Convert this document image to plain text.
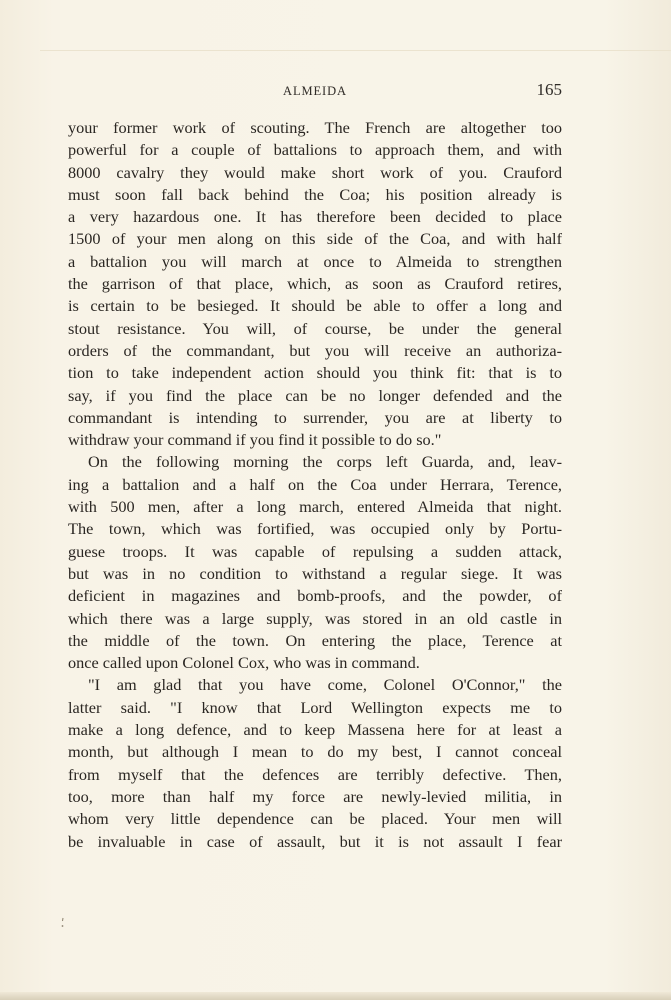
ALMEIDA	165
your former work of scouting. The French are altogether too
powerful for a couple of battalions to approach them, and with
8000 cavalry they would make short work of you. Crauford
must soon fall back behind the Coa; his position already is
a very hazardous one. It has therefore been decided to place
1500 of your men along on this side of the Coa, and with half
a battalion you will march at once to Almeida to strengthen
the garrison of that place, which, as soon as Crauford retires,
is certain to be besieged. It should be able to offer a long and
stout resistance. You will, of course, be under the general
orders of the commandant, but you will receive an authoriza-
tion to take independent action should you think fit: that is to
say, if you find the place can be no longer defended and the
commandant is intending to surrender, you are at liberty to
withdraw your command if you find it possible to do so."
On the following morning the corps left Guarda, and, leav-
ing a battalion and a half on the Coa under Herrara, Terence,
with 500 men, after a long march, entered Almeida that night.
The town, which was fortified, was occupied only by Portu-
guese troops. It was capable of repulsing a sudden attack,
but was in no condition to withstand a regular siege. It was
deficient in magazines and bomb-proofs, and the powder, of
which there was a large supply, was stored in an old castle in
the middle of the town. On entering the place, Terence at
once called upon Colonel Cox, who was in command.
"I am glad that you have come, Colonel O'Connor," the
latter said. "I know that Lord Wellington expects me to
make a long defence, and to keep Massena here for at least a
month, but although I mean to do my best, I cannot conceal
from myself that the defences are terribly defective. Then,
too, more than half my force are newly-levied militia, in
whom very little dependence can be placed. Your men will
be invaluable in case of assault, but it is not assault I fear
